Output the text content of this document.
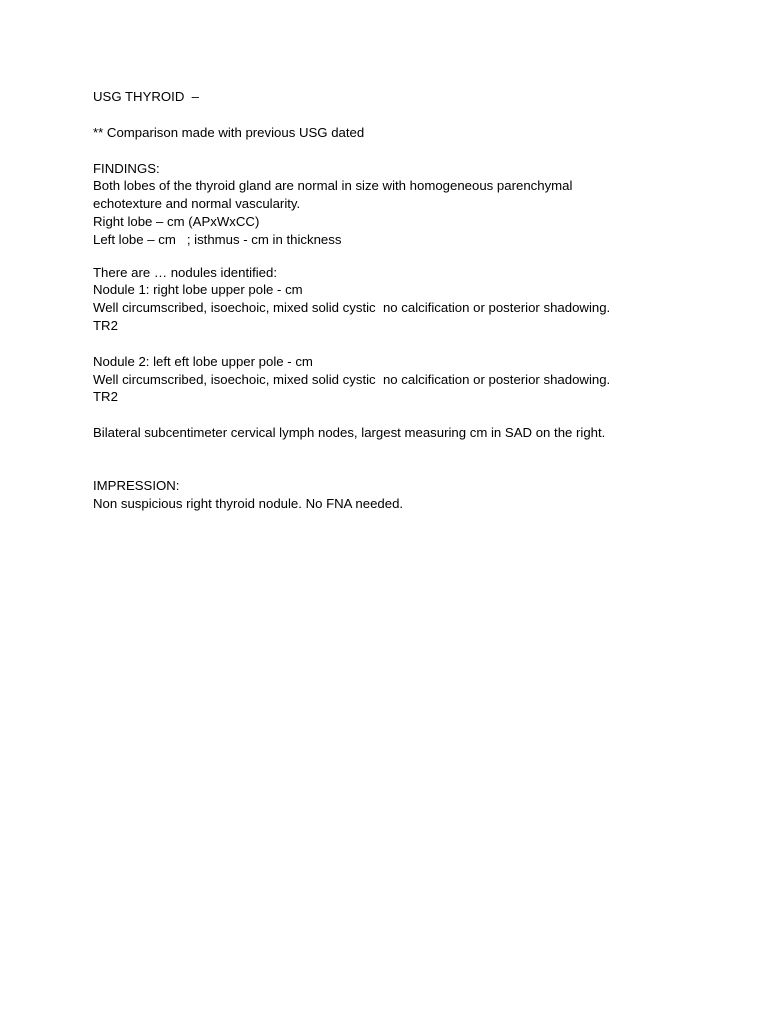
USG THYROID  –
** Comparison made with previous USG dated
FINDINGS:
Both lobes of the thyroid gland are normal in size with homogeneous parenchymal
echotexture and normal vascularity.
Right lobe – cm (APxWxCC)
Left lobe – cm   ; isthmus - cm in thickness
There are … nodules identified:
Nodule 1: right lobe upper pole - cm
Well circumscribed, isoechoic, mixed solid cystic  no calcification or posterior shadowing.
TR2
Nodule 2: left eft lobe upper pole - cm
Well circumscribed, isoechoic, mixed solid cystic  no calcification or posterior shadowing.
TR2
Bilateral subcentimeter cervical lymph nodes, largest measuring cm in SAD on the right.
IMPRESSION:
Non suspicious right thyroid nodule. No FNA needed.
